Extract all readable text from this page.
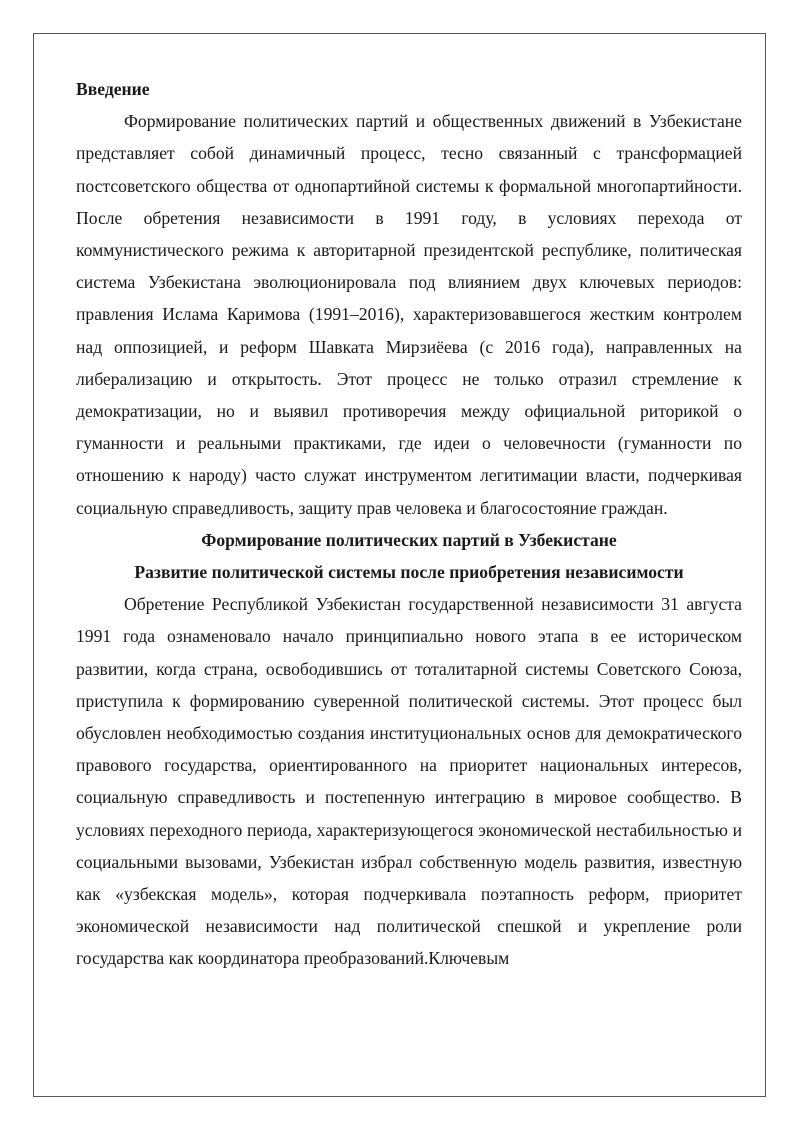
Введение

Формирование политических партий и общественных движений в Узбекистане представляет собой динамичный процесс, тесно связанный с трансформацией постсоветского общества от однопартийной системы к формальной многопартийности. После обретения независимости в 1991 году, в условиях перехода от коммунистического режима к авторитарной президентской республике, политическая система Узбекистана эволюционировала под влиянием двух ключевых периодов: правления Ислама Каримова (1991–2016), характеризовавшегося жестким контролем над оппозицией, и реформ Шавката Мирзиёева (с 2016 года), направленных на либерализацию и открытость. Этот процесс не только отразил стремление к демократизации, но и выявил противоречия между официальной риторикой о гуманности и реальными практиками, где идеи о человечности (гуманности по отношению к народу) часто служат инструментом легитимации власти, подчеркивая социальную справедливость, защиту прав человека и благосостояние граждан.

Формирование политических партий в Узбекистане

Развитие политической системы после приобретения независимости

Обретение Республикой Узбекистан государственной независимости 31 августа 1991 года ознаменовало начало принципиально нового этапа в ее историческом развитии, когда страна, освободившись от тоталитарной системы Советского Союза, приступила к формированию суверенной политической системы. Этот процесс был обусловлен необходимостью создания институциональных основ для демократического правового государства, ориентированного на приоритет национальных интересов, социальную справедливость и постепенную интеграцию в мировое сообщество. В условиях переходного периода, характеризующегося экономической нестабильностью и социальными вызовами, Узбекистан избрал собственную модель развития, известную как «узбекская модель», которая подчеркивала поэтапность реформ, приоритет экономической независимости над политической спешкой и укрепление роли государства как координатора преобразований.Ключевым
